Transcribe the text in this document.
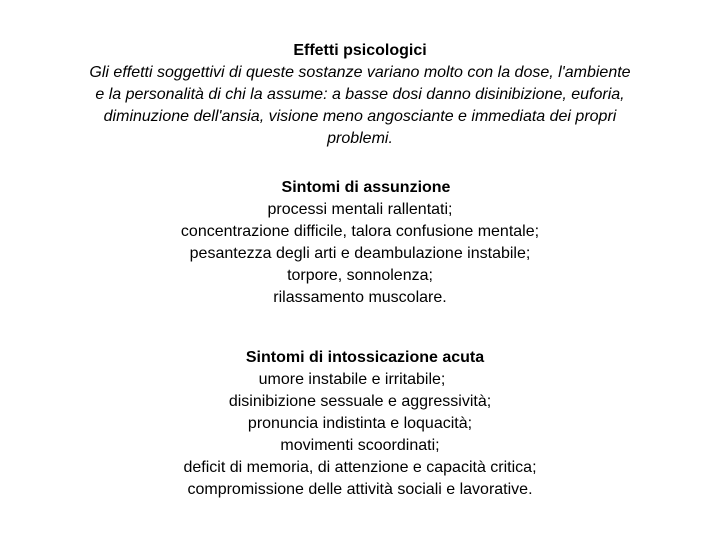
Effetti psicologici
Gli effetti soggettivi di queste sostanze variano molto con la dose, l'ambiente
e la personalità di chi la assume: a basse dosi danno disinibizione, euforia,
diminuzione dell'ansia, visione meno angosciante e immediata dei propri
problemi.
Sintomi di assunzione
processi mentali rallentati;
concentrazione difficile, talora confusione mentale;
pesantezza degli arti e deambulazione instabile;
torpore, sonnolenza;
rilassamento muscolare.
Sintomi di intossicazione acuta
umore instabile e irritabile;
disinibizione sessuale e aggressività;
pronuncia indistinta e loquacità;
movimenti scoordinati;
deficit di memoria, di attenzione e capacità critica;
compromissione delle attività sociali e lavorative.
